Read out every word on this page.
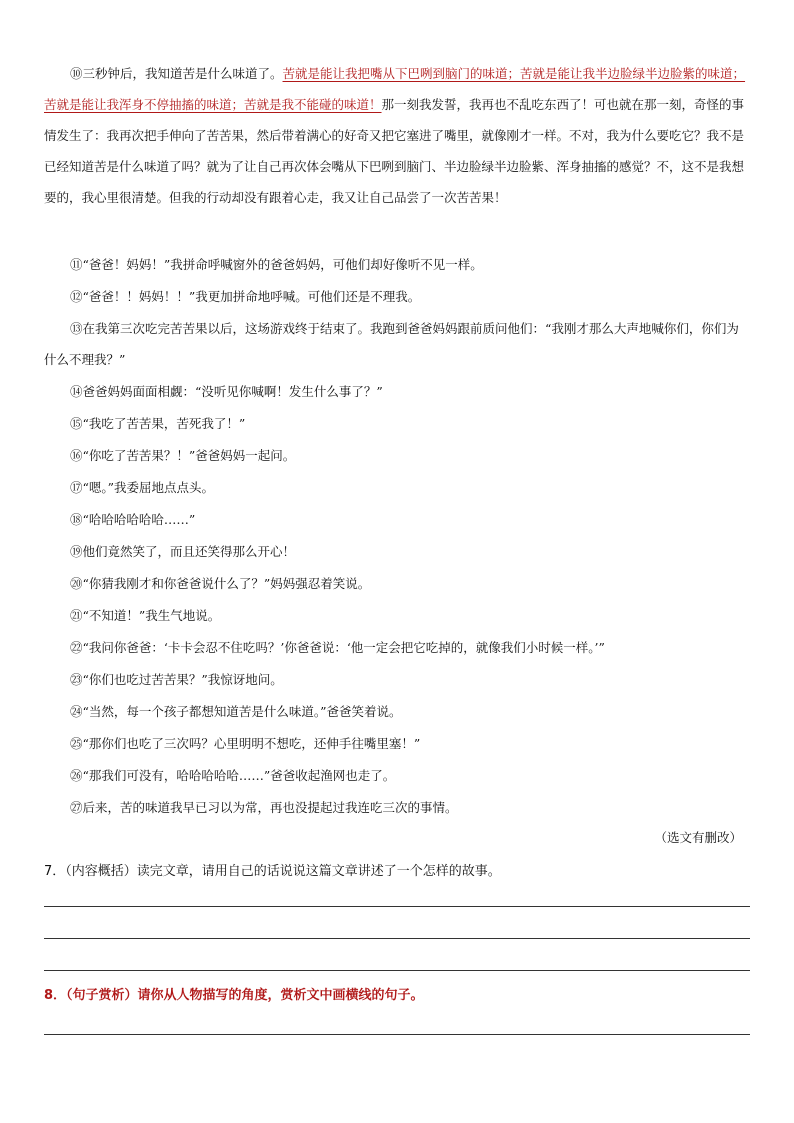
⑩三秒钟后，我知道苦是什么味道了。苦就是能让我把嘴从下巴咧到脑门的味道；苦就是能让我半边脸绿半边脸紫的味道；苦就是能让我浑身不停抽搐的味道；苦就是我不能碰的味道！那一刻我发誓，我再也不乱吃东西了！可也就在那一刻，奇怪的事情发生了：我再次把手伸向了苦苦果，然后带着满心的好奇又把它塞进了嘴里，就像刚才一样。不对，我为什么要吃它？我不是已经知道苦是什么味道了吗？就为了让自己再次体会嘴从下巴咧到脑门、半边脸绿半边脸紫、浑身抽搐的感觉？不，这不是我想要的，我心里很清楚。但我的行动却没有跟着心走，我又让自己品尝了一次苦苦果！
⑪“爸爸！妈妈！”我拼命呼喊窗外的爸爸妈妈，可他们却好像听不见一样。
⑫“爸爸！！妈妈！！”我更加拼命地呼喊。可他们还是不理我。
⑬在我第三次吃完苦苦果以后，这场游戏终于结束了。我跑到爸爸妈妈跟前质问他们：“我刚才那么大声地喊你们，你们为什么不理我？”
⑭爸爸妈妈面面相觑：“没听见你喊啊！发生什么事了？”
⑮“我吃了苦苦果，苦死我了！”
⑯“你吃了苦苦果？！”爸爸妈妈一起问。
⑰“嗯。”我委屈地点点头。
⑱“哈哈哈哈哈哈……”
⑲他们竟然笑了，而且还笑得那么开心！
⑳“你猜我刚才和你爸爸说什么了？”妈妈强忍着笑说。
㉑“不知道！”我生气地说。
㉒“我问你爸爸：‘卡卡会忍不住吃吗？’你爸爸说：‘他一定会把它吃掉的，就像我们小时候一样。’”
㉓“你们也吃过苦苦果？”我惊讶地问。
㉔“当然，每一个孩子都想知道苦是什么味道。”爸爸笑着说。
㉕“那你们也吃了三次吗？心里明明不想吃，还伸手往嘴里塞！”
㉖“那我们可没有，哈哈哈哈哈……”爸爸收起渔网也走了。
㉗后来，苦的味道我早已习以为常，再也没提起过我连吃三次的事情。
（选文有删改）
7．（内容概括）读完文章，请用自己的话说说这篇文章讲述了一个怎样的故事。
8．（句子赏析）请你从人物描写的角度，赏析文中画横线的句子。
